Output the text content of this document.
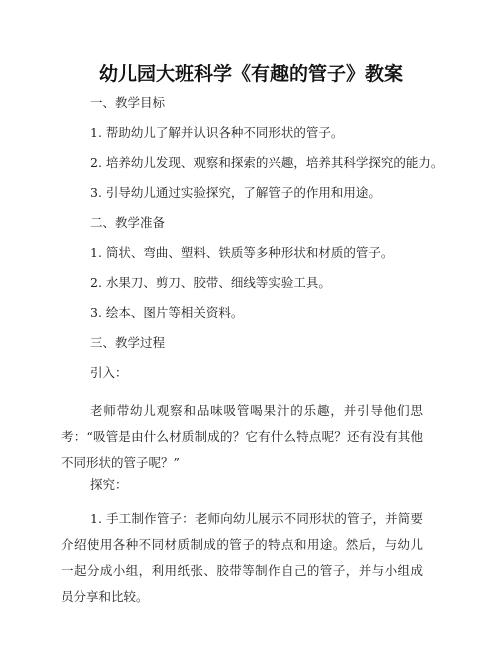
幼儿园大班科学《有趣的管子》教案

一、教学目标

1. 帮助幼儿了解并认识各种不同形状的管子。

2. 培养幼儿发现、观察和探索的兴趣，培养其科学探究的能力。

3. 引导幼儿通过实验探究，了解管子的作用和用途。

二、教学准备

1. 筒状、弯曲、塑料、铁质等多种形状和材质的管子。

2. 水果刀、剪刀、胶带、细线等实验工具。

3. 绘本、图片等相关资料。

三、教学过程

引入：

老师带幼儿观察和品味吸管喝果汁的乐趣，并引导他们思考：“吸管是由什么材质制成的？它有什么特点呢？还有没有其他不同形状的管子呢？”

探究：

1. 手工制作管子：老师向幼儿展示不同形状的管子，并简要介绍使用各种不同材质制成的管子的特点和用途。然后，与幼儿一起分成小组，利用纸张、胶带等制作自己的管子，并与小组成员分享和比较。
